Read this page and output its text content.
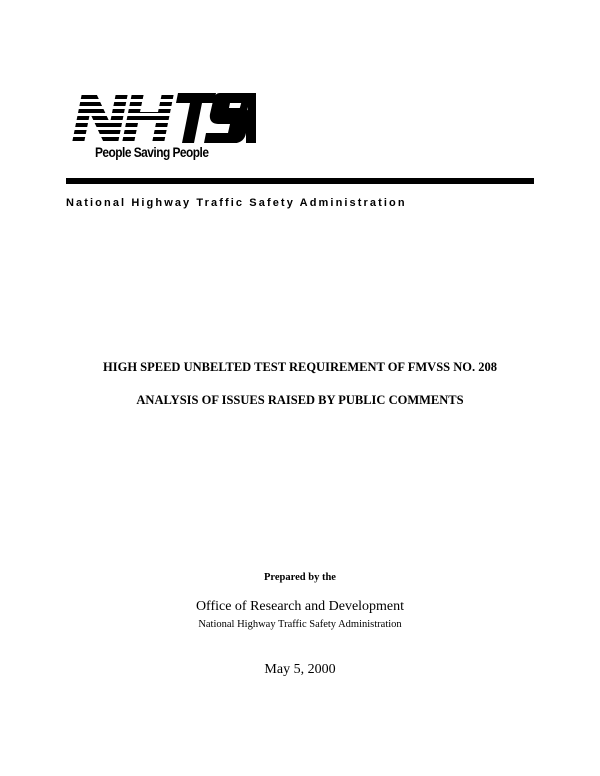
People Saving People
National Highway Traffic Safety Administration
HIGH SPEED UNBELTED TEST REQUIREMENT OF FMVSS NO. 208
ANALYSIS OF ISSUES RAISED BY PUBLIC COMMENTS
Prepared by the
Office of Research and Development
National Highway Traffic Safety Administration
May 5, 2000
